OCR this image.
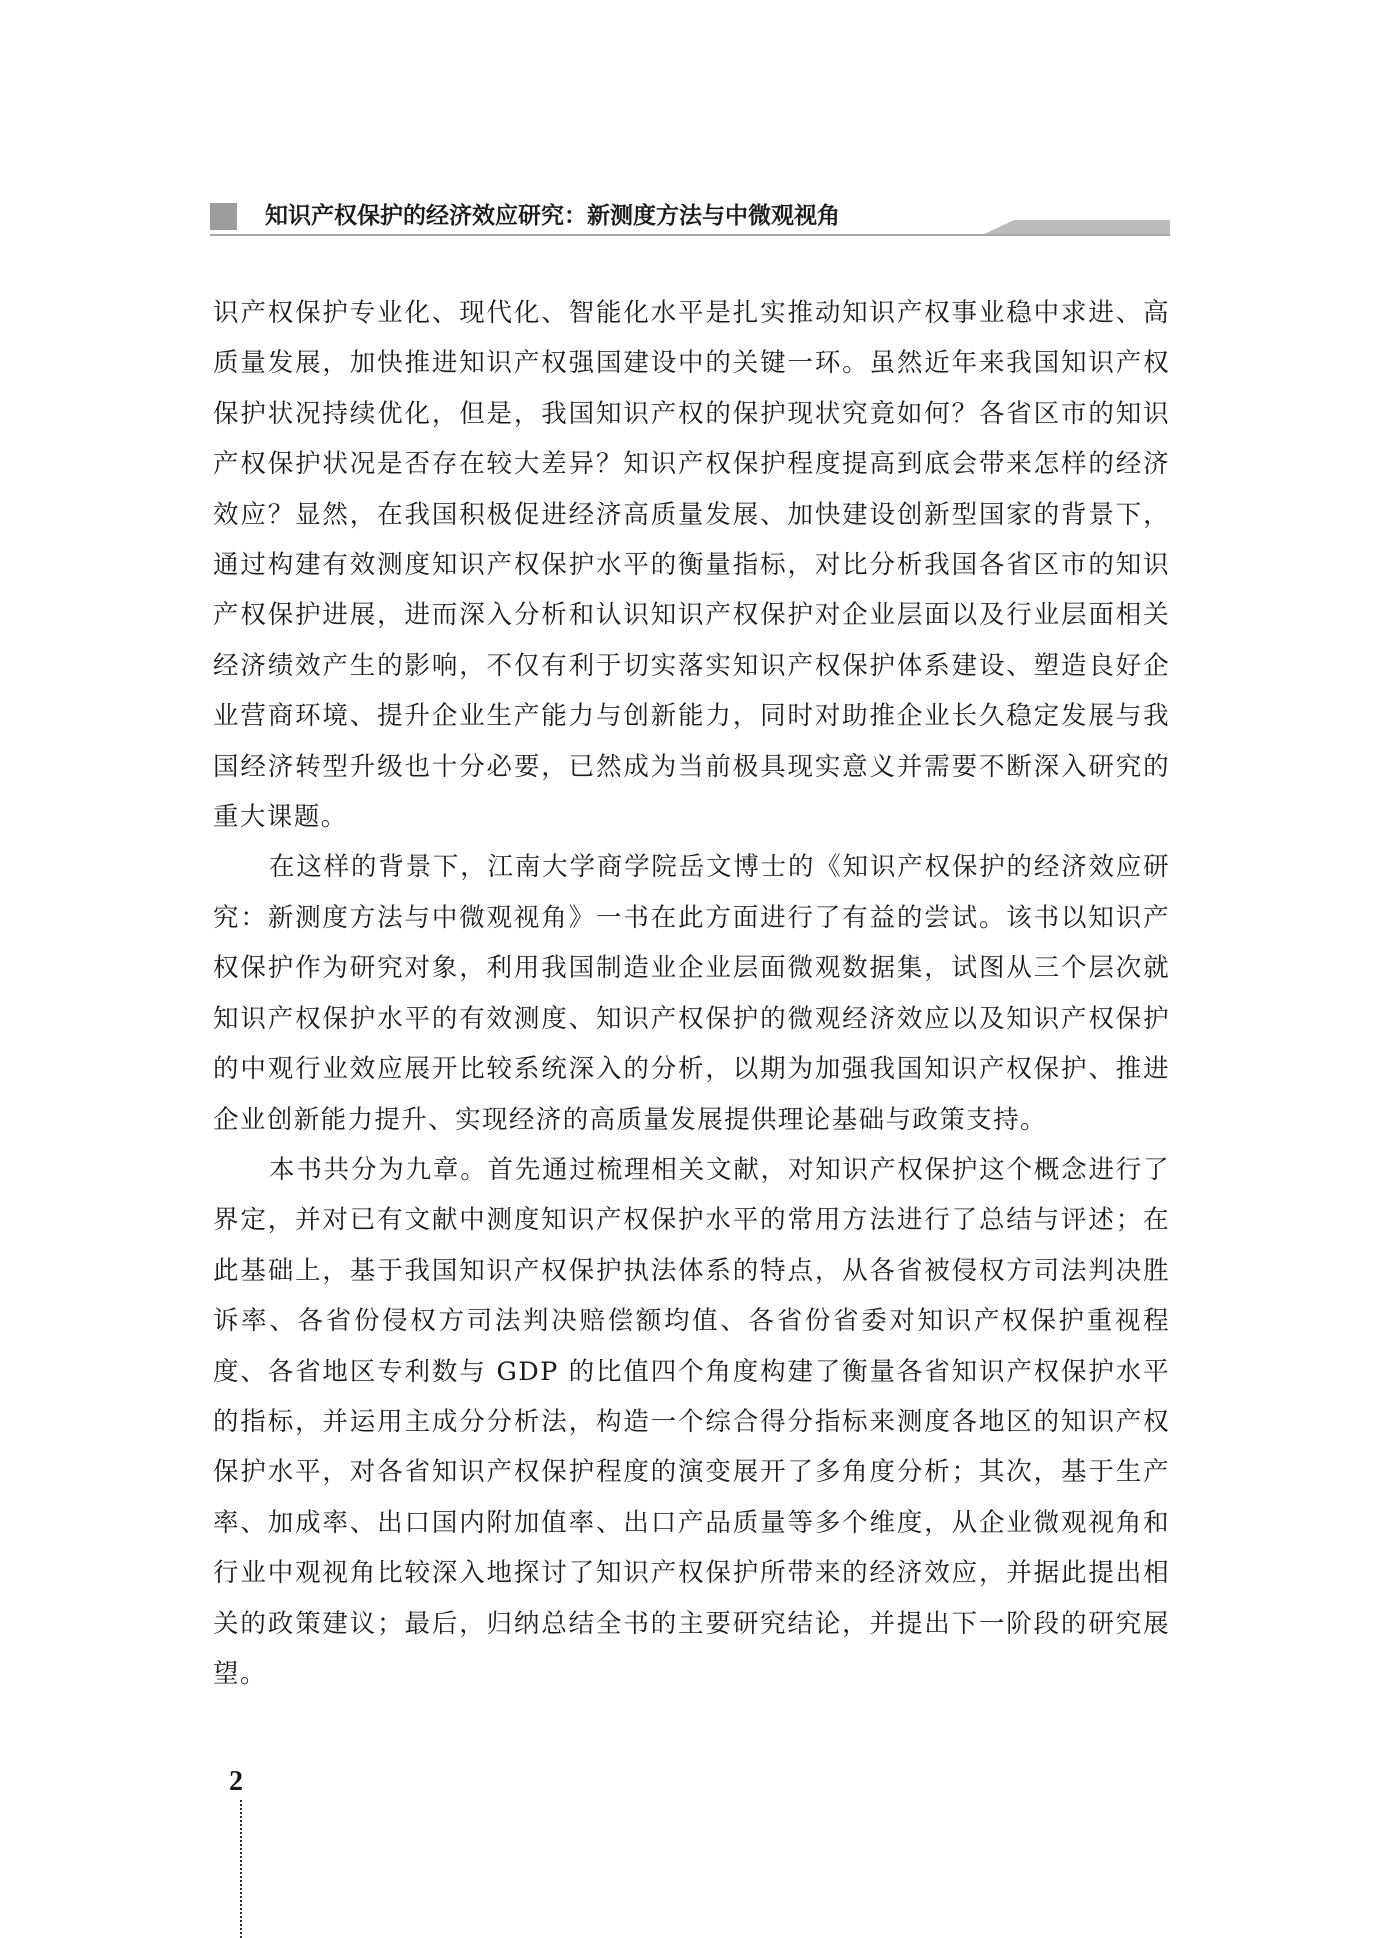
知识产权保护的经济效应研究：新测度方法与中微观视角

识产权保护专业化、现代化、智能化水平是扎实推动知识产权事业稳中求进、高质量发展，加快推进知识产权强国建设中的关键一环。虽然近年来我国知识产权保护状况持续优化，但是，我国知识产权的保护现状究竟如何？各省区市的知识产权保护状况是否存在较大差异？知识产权保护程度提高到底会带来怎样的经济效应？显然，在我国积极促进经济高质量发展、加快建设创新型国家的背景下，通过构建有效测度知识产权保护水平的衡量指标，对比分析我国各省区市的知识产权保护进展，进而深入分析和认识知识产权保护对企业层面以及行业层面相关经济绩效产生的影响，不仅有利于切实落实知识产权保护体系建设、塑造良好企业营商环境、提升企业生产能力与创新能力，同时对助推企业长久稳定发展与我国经济转型升级也十分必要，已然成为当前极具现实意义并需要不断深入研究的重大课题。

在这样的背景下，江南大学商学院岳文博士的《知识产权保护的经济效应研究：新测度方法与中微观视角》一书在此方面进行了有益的尝试。该书以知识产权保护作为研究对象，利用我国制造业企业层面微观数据集，试图从三个层次就知识产权保护水平的有效测度、知识产权保护的微观经济效应以及知识产权保护的中观行业效应展开比较系统深入的分析，以期为加强我国知识产权保护、推进企业创新能力提升、实现经济的高质量发展提供理论基础与政策支持。

本书共分为九章。首先通过梳理相关文献，对知识产权保护这个概念进行了界定，并对已有文献中测度知识产权保护水平的常用方法进行了总结与评述；在此基础上，基于我国知识产权保护执法体系的特点，从各省被侵权方司法判决胜诉率、各省份侵权方司法判决赔偿额均值、各省份省委对知识产权保护重视程度、各省地区专利数与 GDP 的比值四个角度构建了衡量各省知识产权保护水平的指标，并运用主成分分析法，构造一个综合得分指标来测度各地区的知识产权保护水平，对各省知识产权保护程度的演变展开了多角度分析；其次，基于生产率、加成率、出口国内附加值率、出口产品质量等多个维度，从企业微观视角和行业中观视角比较深入地探讨了知识产权保护所带来的经济效应，并据此提出相关的政策建议；最后，归纳总结全书的主要研究结论，并提出下一阶段的研究展望。

2
